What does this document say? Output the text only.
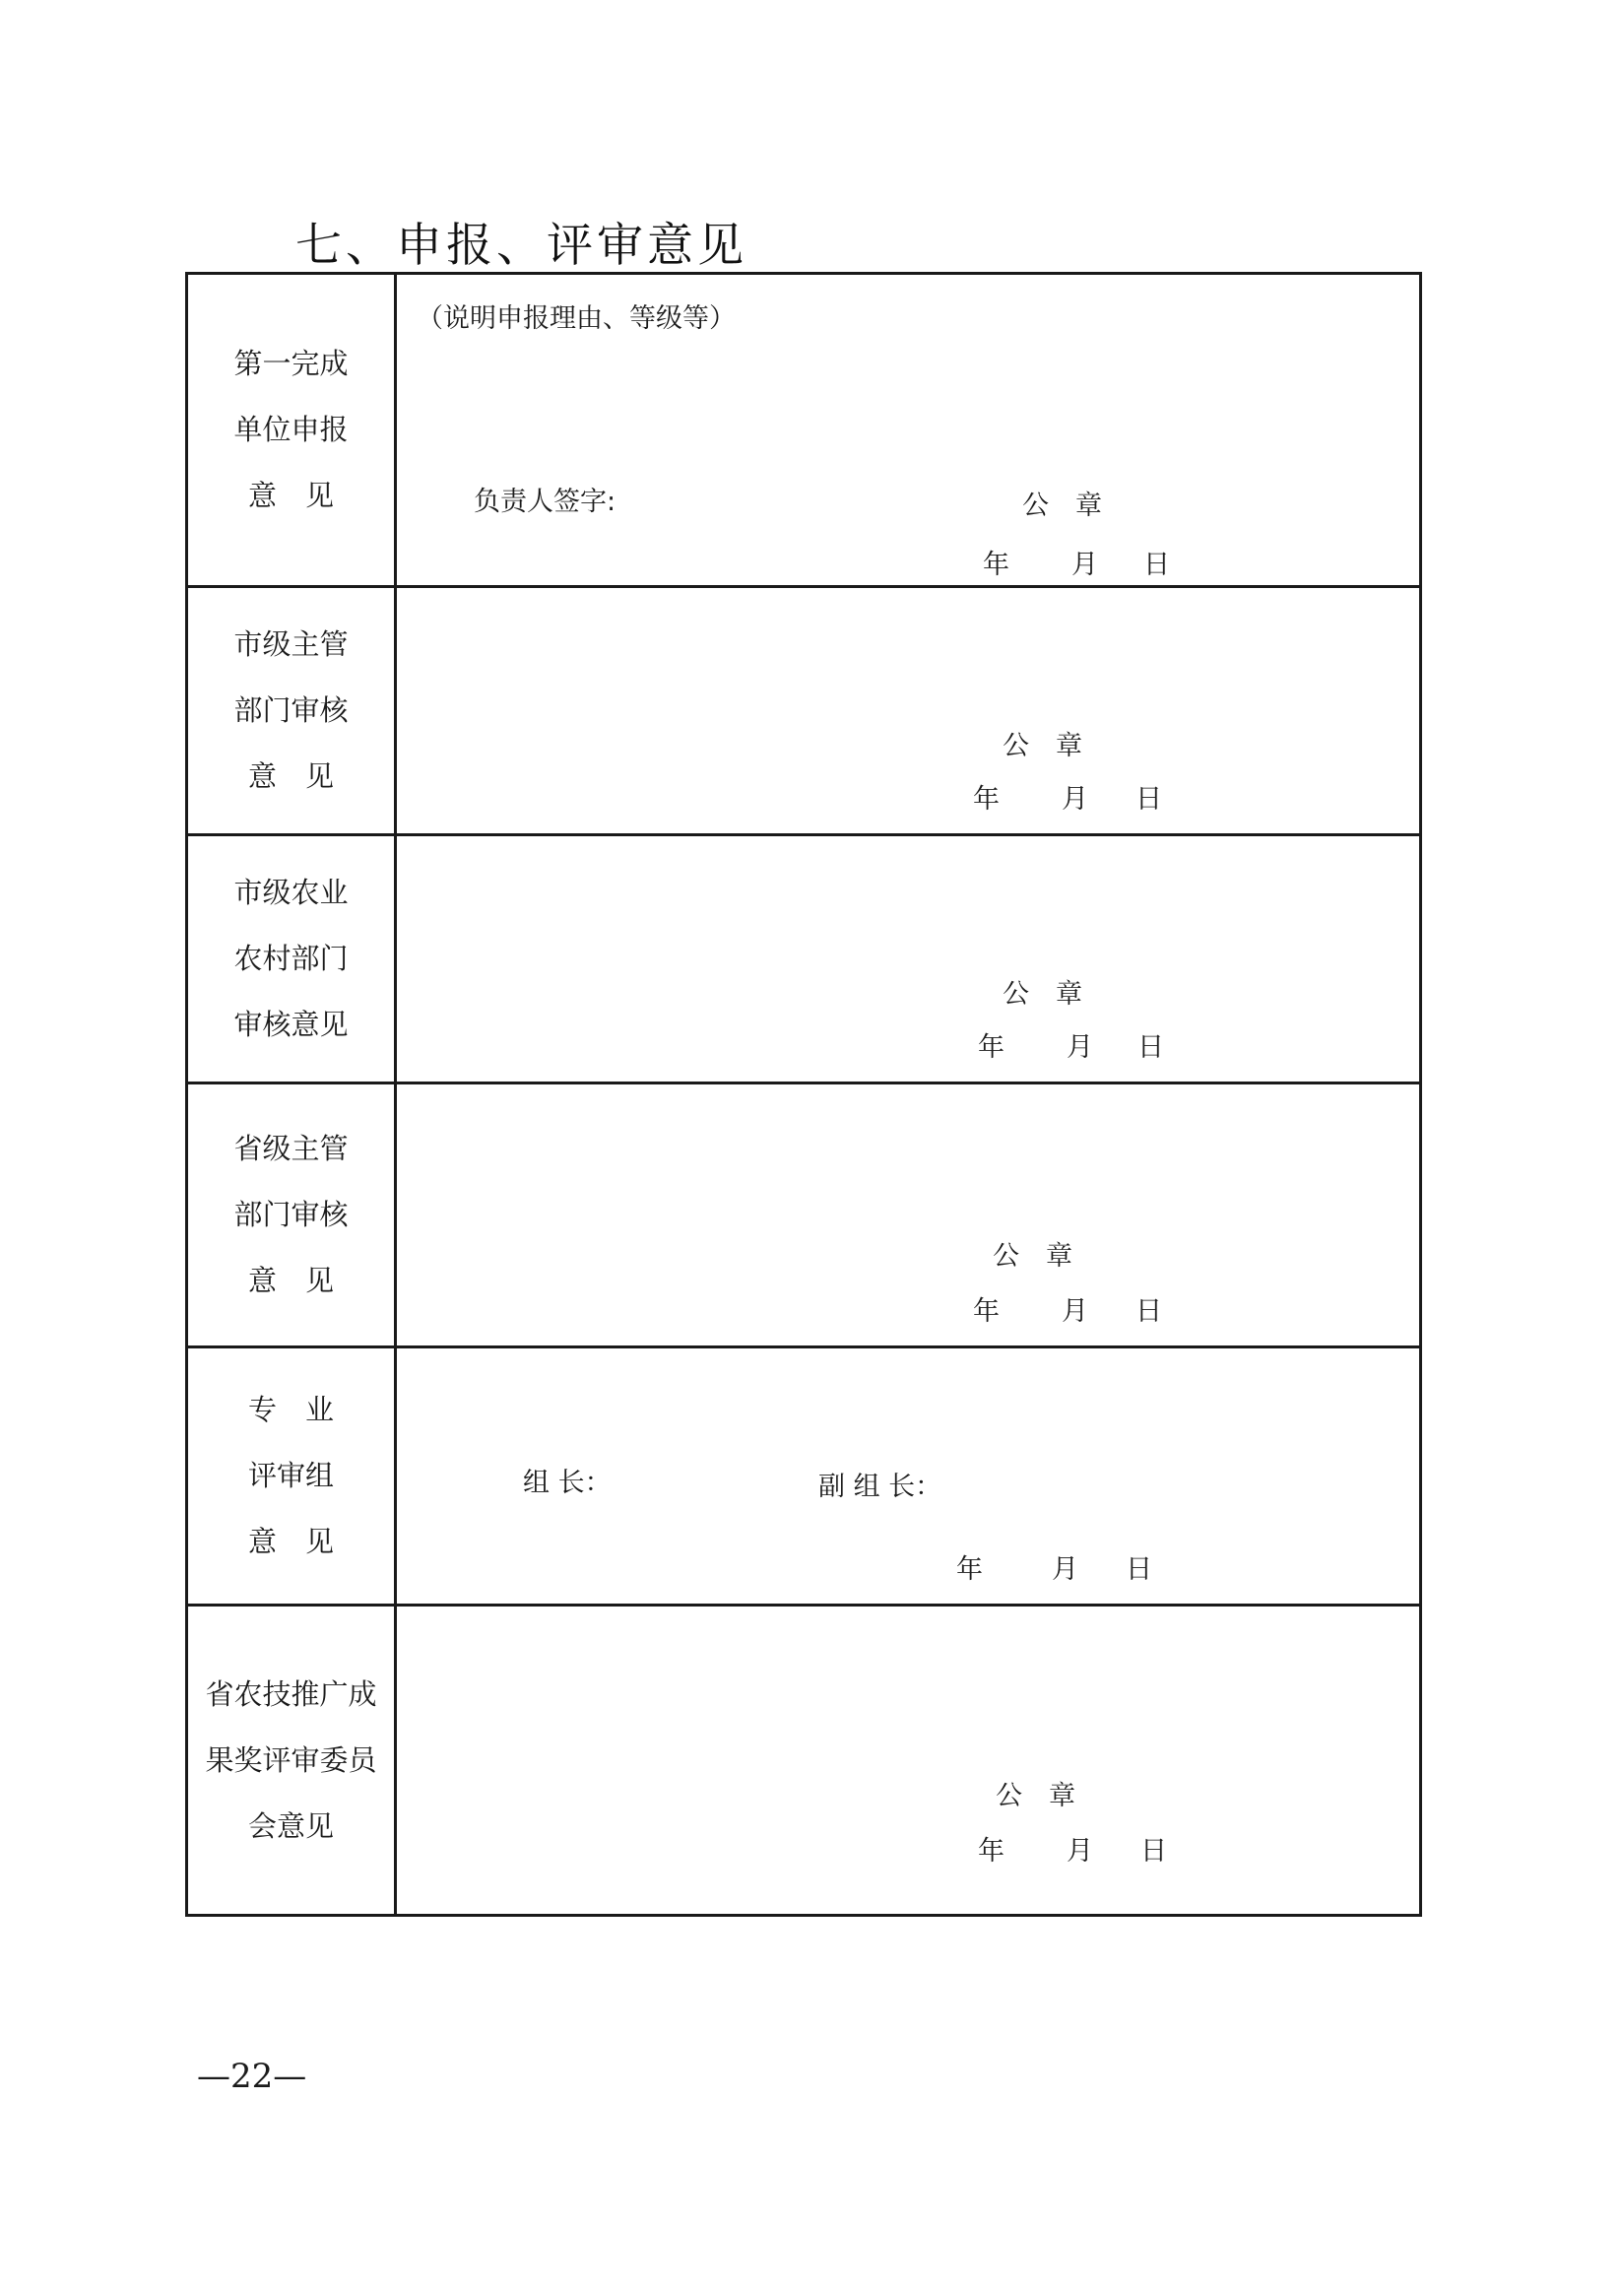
七、申报、评审意见
第一完成
单位申报
意　见
（说明申报理由、等级等）
负责人签字:	公　章
年 月 日
市级主管
部门审核
意　见
公　章
年 月 日
市级农业
农村部门
审核意见
公　章
年 月 日
省级主管
部门审核
意　见
公　章
年 月 日
专　业
评审组
意　见
组 长：	副 组 长：
年	月 日
省农技推广成
果奖评审委员
会意见
公　章
年 月 日
—22—
